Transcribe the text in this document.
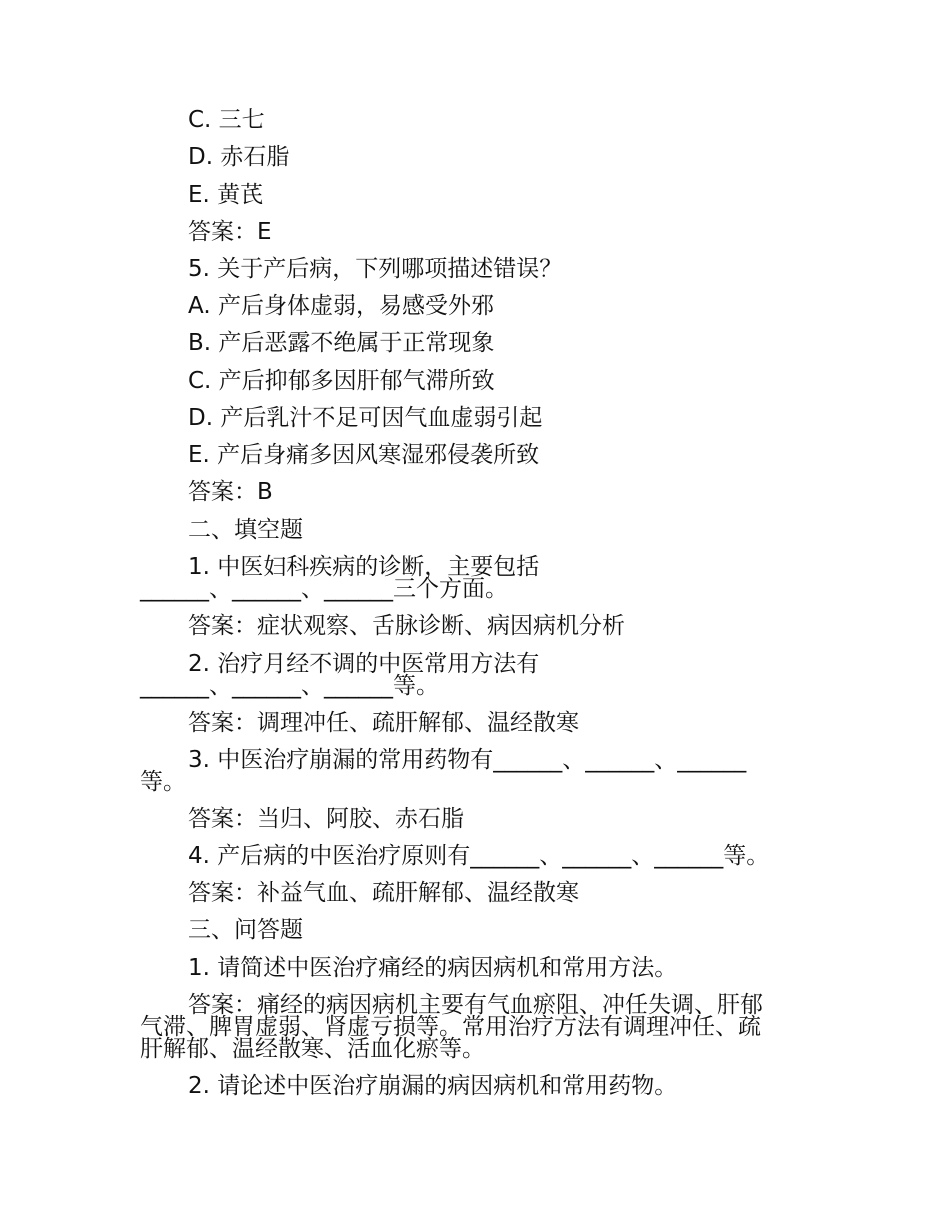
C. 三七
D. 赤石脂
E. 黄芪
答案：E
5. 关于产后病，下列哪项描述错误？
A. 产后身体虚弱，易感受外邪
B. 产后恶露不绝属于正常现象
C. 产后抑郁多因肝郁气滞所致
D. 产后乳汁不足可因气血虚弱引起
E. 产后身痛多因风寒湿邪侵袭所致
答案：B
二、填空题
1. 中医妇科疾病的诊断，主要包括
______、______、______三个方面。
答案：症状观察、舌脉诊断、病因病机分析
2. 治疗月经不调的中医常用方法有
______、______、______等。
答案：调理冲任、疏肝解郁、温经散寒
3. 中医治疗崩漏的常用药物有______、______、______
等。
答案：当归、阿胶、赤石脂
4. 产后病的中医治疗原则有______、______、______等。
答案：补益气血、疏肝解郁、温经散寒
三、问答题
1. 请简述中医治疗痛经的病因病机和常用方法。
答案：痛经的病因病机主要有气血瘀阻、冲任失调、肝郁
气滞、脾胃虚弱、肾虚亏损等。常用治疗方法有调理冲任、疏
肝解郁、温经散寒、活血化瘀等。
2. 请论述中医治疗崩漏的病因病机和常用药物。
